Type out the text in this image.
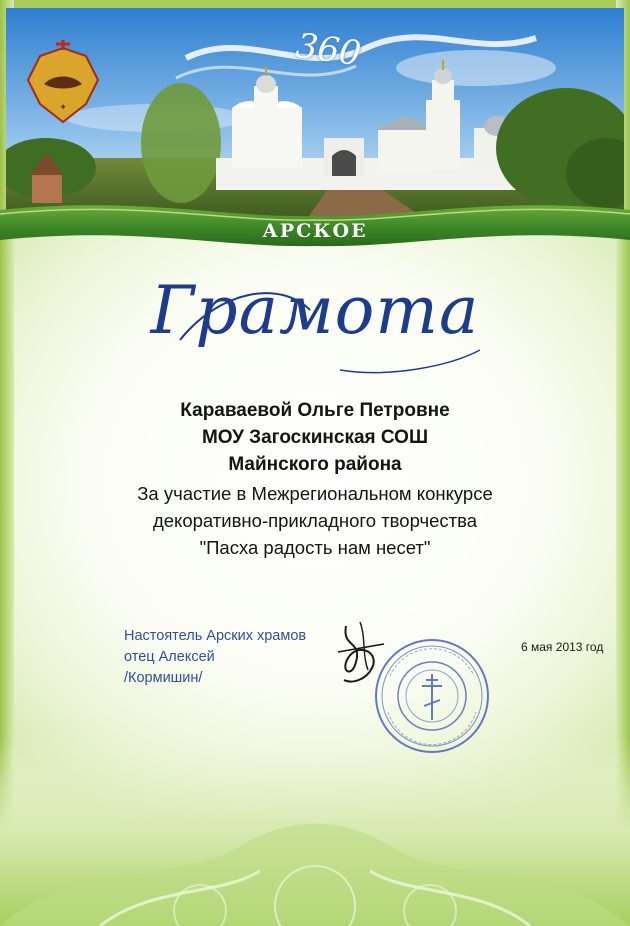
✦
360
АРСКОЕ
Грамота
Караваевой Ольге Петровне
МОУ Загоскинская СОШ
Майнского района
За участие в Межрегиональном конкурсе
декоративно-прикладного творчества
"Пасха радость нам несет"
Настоятель Арских храмов
отец Алексей
/Кормишин/
6 мая 2013 год
